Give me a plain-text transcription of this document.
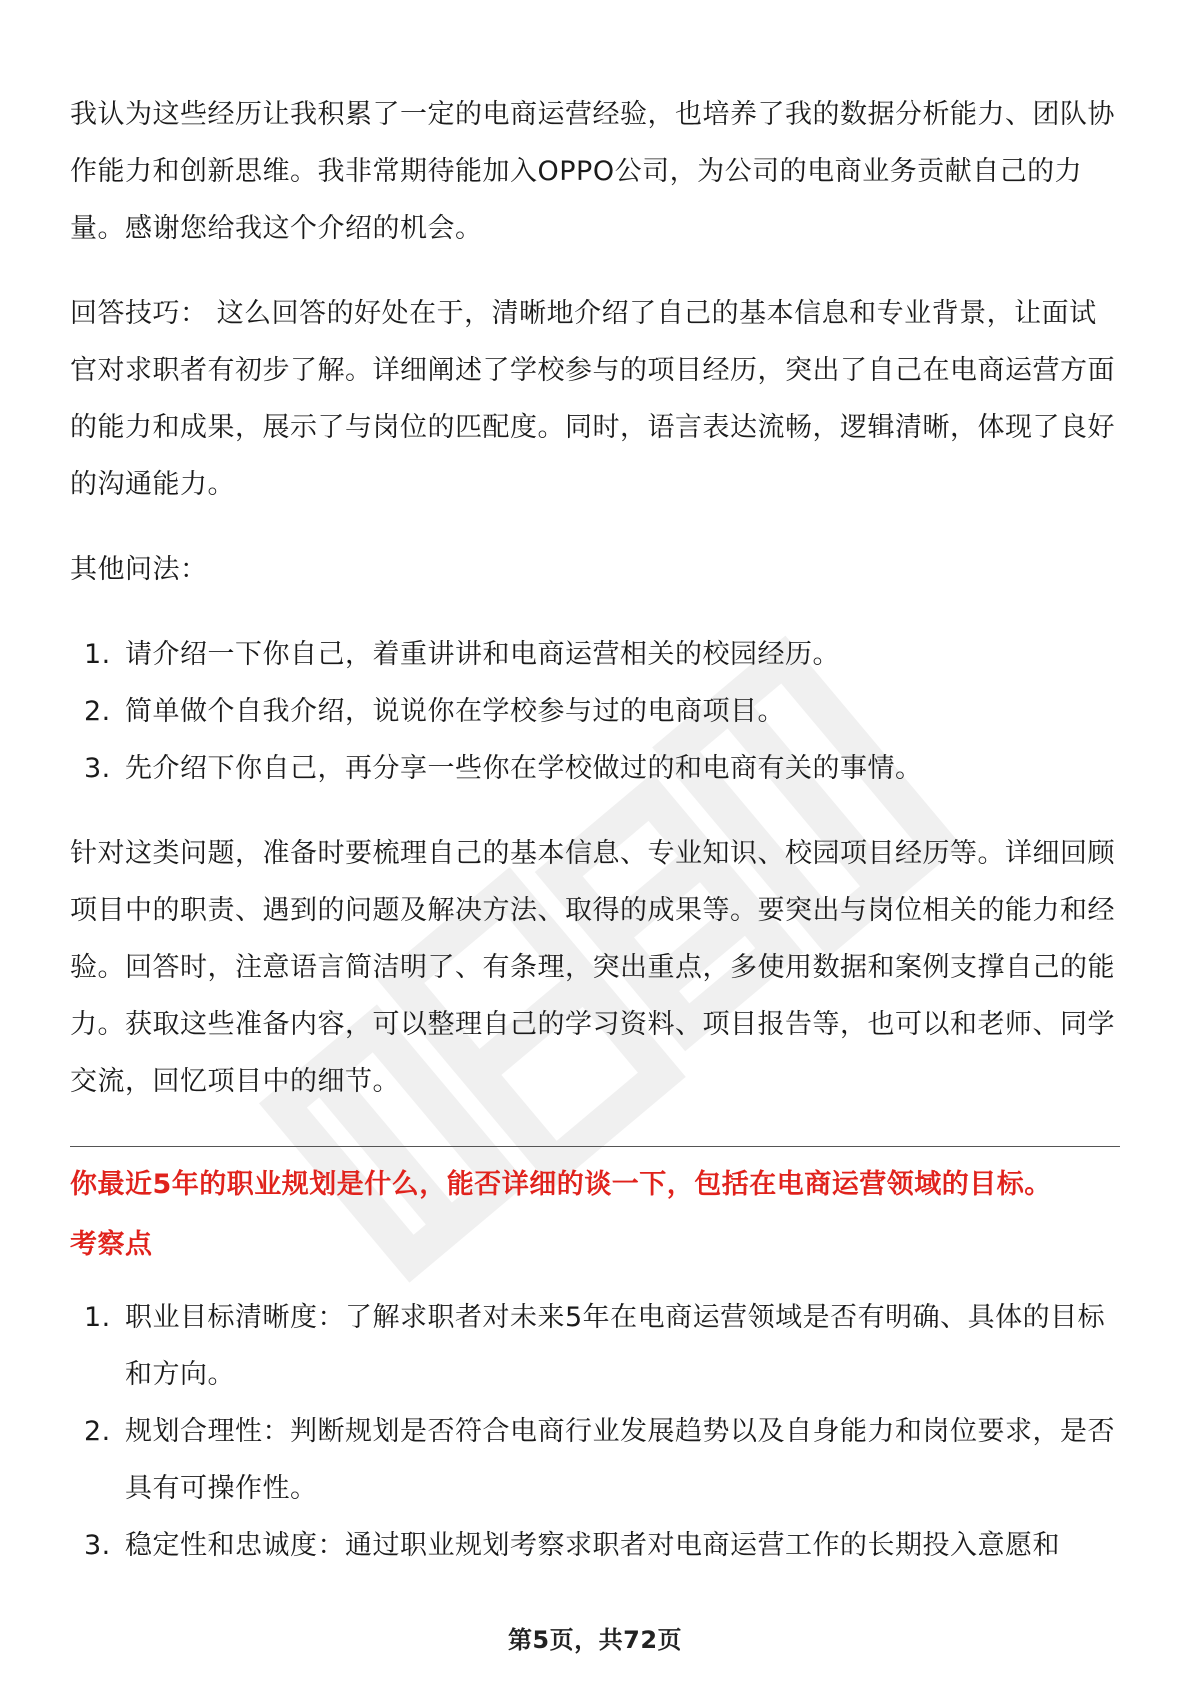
我认为这些经历让我积累了一定的电商运营经验，也培养了我的数据分析能力、团队协作能力和创新思维。我非常期待能加入OPPO公司，为公司的电商业务贡献自己的力量。感谢您给我这个介绍的机会。

回答技巧： 这么回答的好处在于，清晰地介绍了自己的基本信息和专业背景，让面试官对求职者有初步了解。详细阐述了学校参与的项目经历，突出了自己在电商运营方面的能力和成果，展示了与岗位的匹配度。同时，语言表达流畅，逻辑清晰，体现了良好的沟通能力。

其他问法：

1. 请介绍一下你自己，着重讲讲和电商运营相关的校园经历。
2. 简单做个自我介绍，说说你在学校参与过的电商项目。
3. 先介绍下你自己，再分享一些你在学校做过的和电商有关的事情。

针对这类问题，准备时要梳理自己的基本信息、专业知识、校园项目经历等。详细回顾项目中的职责、遇到的问题及解决方法、取得的成果等。要突出与岗位相关的能力和经验。回答时，注意语言简洁明了、有条理，突出重点，多使用数据和案例支撑自己的能力。获取这些准备内容，可以整理自己的学习资料、项目报告等，也可以和老师、同学交流，回忆项目中的细节。

你最近5年的职业规划是什么，能否详细的谈一下，包括在电商运营领域的目标。

考察点

1. 职业目标清晰度：了解求职者对未来5年在电商运营领域是否有明确、具体的目标和方向。
2. 规划合理性：判断规划是否符合电商行业发展趋势以及自身能力和岗位要求，是否具有可操作性。
3. 稳定性和忠诚度：通过职业规划考察求职者对电商运营工作的长期投入意愿和
第5页，共72页
